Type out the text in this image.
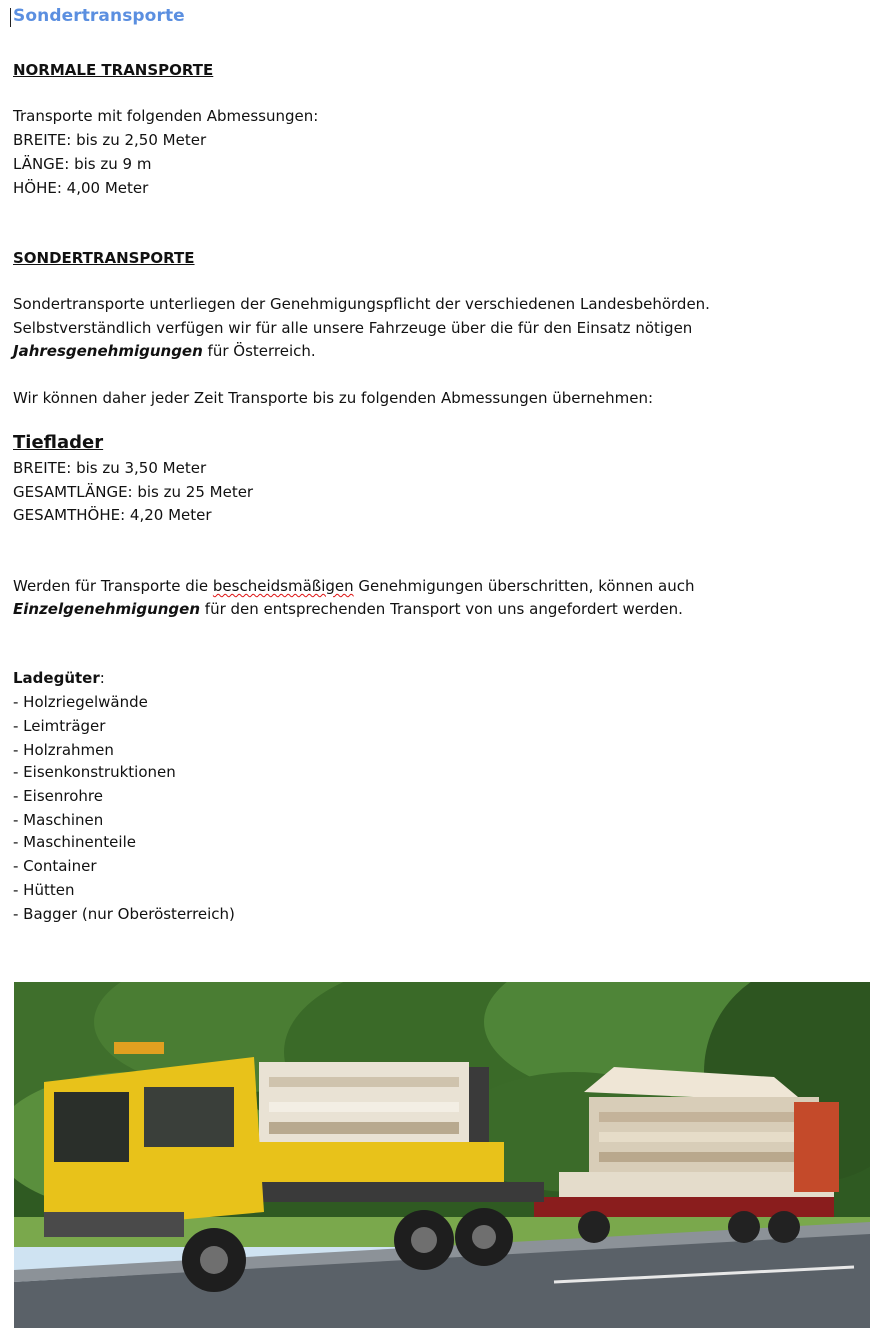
Sondertransporte
NORMALE TRANSPORTE
Transporte mit folgenden Abmessungen:
BREITE: bis zu 2,50 Meter
LÄNGE: bis zu 9 m
HÖHE: 4,00 Meter
SONDERTRANSPORTE
Sondertransporte unterliegen der Genehmigungspflicht der verschiedenen Landesbehörden.
Selbstverständlich verfügen wir für alle unsere Fahrzeuge über die für den Einsatz nötigen
Jahresgenehmigungen für Österreich.
Wir können daher jeder Zeit Transporte bis zu folgenden Abmessungen übernehmen:
Tieflader
BREITE: bis zu 3,50 Meter
GESAMTLÄNGE: bis zu 25 Meter
GESAMTHÖHE: 4,20 Meter
Werden für Transporte die bescheidsmäßigen Genehmigungen überschritten, können auch
Einzelgenehmigungen für den entsprechenden Transport von uns angefordert werden.
Ladegüter:
- Holzriegelwände
- Leimträger
- Holzrahmen
- Eisenkonstruktionen
- Eisenrohre
- Maschinen
- Maschinenteile
- Container
- Hütten
- Bagger (nur Oberösterreich)
